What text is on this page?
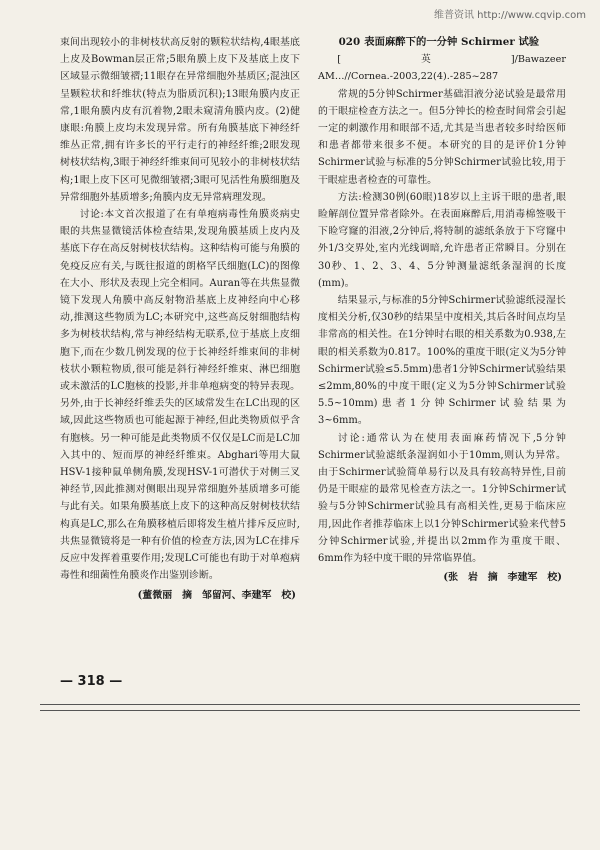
维普资讯 http://www.cqvip.com

束间出现较小的非树枝状高反射的颗粒状结构,4眼基底上皮及Bowman层正常;5眼角膜上皮下及基底上皮下区域显示微细皱褶;11眼存在异常细胞外基质区;混浊区呈颗粒状和纤维状(特点为脂质沉积);13眼角膜内皮正常,1眼角膜内皮有沉着物,2眼未窥清角膜内皮。(2)健康眼:角膜上皮均未发现异常。所有角膜基底下神经纤维丛正常,拥有许多长的平行走行的神经纤维;2眼发现树枝状结构,3眼于神经纤维束间可见较小的非树枝状结构;1眼上皮下区可见微细皱褶;3眼可见活性角膜细胞及异常细胞外基质增多;角膜内皮无异常病理发现。

讨论:本文首次报道了在有单疱病毒性角膜炎病史眼的共焦显微镜活体检查结果,发现角膜基质上皮内及基底下存在高反射树枝状结构。这种结构可能与角膜的免疫反应有关,与既往报道的朗格罕氏细胞(LC)的图像在大小、形状及表现上完全相同。Auran等在共焦显微镜下发现人角膜中高反射物沿基底上皮神经向中心移动,推测这些物质为LC;本研究中,这些高反射细胞结构多为树枝状结构,常与神经结构无联系,位于基底上皮细胞下,而在少数几例发现的位于长神经纤维束间的非树枝状小颗粒物质,很可能是斜行神经纤维束、淋巴细胞或未激活的LC胞核的投影,并非单疱病变的特异表现。另外,由于长神经纤维丢失的区域常发生在LC出现的区域,因此这些物质也可能起源于神经,但此类物质似乎含有胞核。另一种可能是此类物质不仅仅是LC而是LC加入其中的、短而厚的神经纤维束。Abghari等用大鼠HSV-1接种鼠单侧角膜,发现HSV-1可潜伏于对侧三叉神经节,因此推测对侧眼出现异常细胞外基质增多可能与此有关。如果角膜基底上皮下的这种高反射树枝状结构真是LC,那么在角膜移植后即将发生植片排斥反应时,共焦显微镜将是一种有价值的检查方法,因为LC在排斥反应中发挥着重要作用;发现LC可能也有助于对单疱病毒性和细菌性角膜炎作出鉴别诊断。

(董微丽　摘　邹留河、李建军　校)

020 表面麻醉下的一分钟 Schirmer 试验

[英]/Bawazeer AM…//Cornea.-2003,22(4).-285~287

常规的5分钟Schirmer基础泪液分泌试验是最常用的干眼症检查方法之一。但5分钟长的检查时间常会引起一定的刺激作用和眼部不适,尤其是当患者较多时给医师和患者都带来很多不便。本研究的目的是评价1分钟Schirmer试验与标准的5分钟Schirmer试验比较,用于干眼症患者检查的可靠性。

方法:检测30例(60眼)18岁以上主诉干眼的患者,眼睑解剖位置异常者除外。在表面麻醉后,用消毒棉签吸干下睑穹窿的泪液,2分钟后,将特制的滤纸条放于下穹窿中外1/3交界处,室内光线调暗,允许患者正常瞬目。分别在30秒、1、2、3、4、5分钟测量滤纸条湿润的长度(mm)。

结果显示,与标准的5分钟Schirmer试验滤纸浸湿长度相关分析,仅30秒的结果呈中度相关,其后各时间点均呈非常高的相关性。在1分钟时右眼的相关系数为0.938,左眼的相关系数为0.817。100%的重度干眼(定义为5分钟Schirmer试验≤5.5mm)患者1分钟Schirmer试验结果≤2mm,80%的中度干眼(定义为5分钟Schirmer试验5.5~10mm)患者1分钟Schirmer试验结果为3~6mm。

讨论:通常认为在使用表面麻药情况下,5分钟Schirmer试验滤纸条湿润如小于10mm,则认为异常。由于Schirmer试验简单易行以及具有较高特异性,目前仍是干眼症的最常见检查方法之一。1分钟Schirmer试验与5分钟Schirmer试验具有高相关性,更易于临床应用,因此作者推荐临床上以1分钟Schirmer试验来代替5分钟Schirmer试验,并提出以2mm作为重度干眼、6mm作为轻中度干眼的异常临界值。

(张　岩　摘　李建军　校)

— 318 —
